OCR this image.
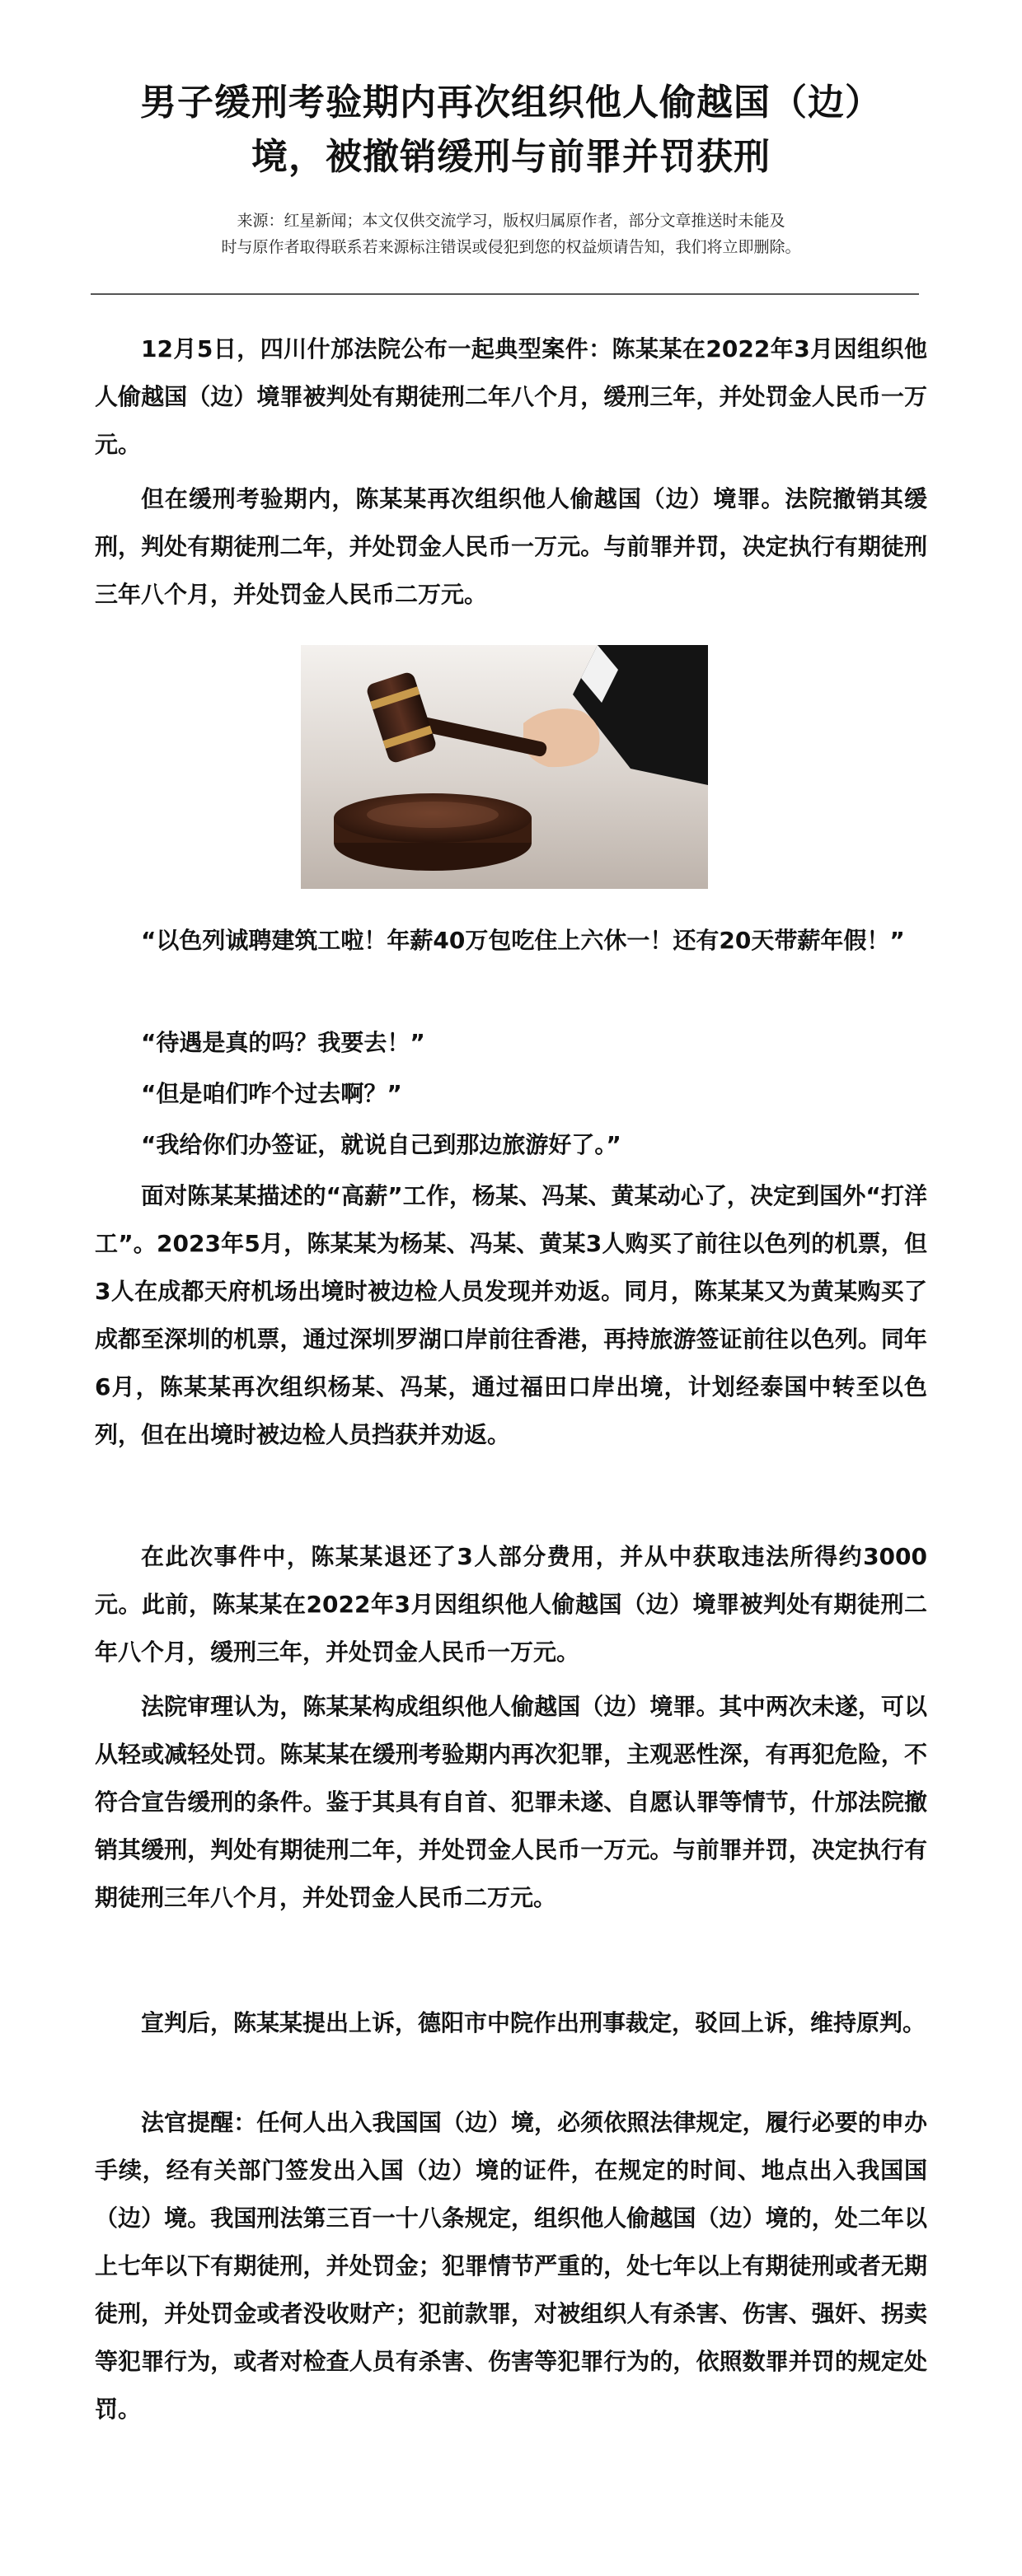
男子缓刑考验期内再次组织他人偷越国（边）
境，被撤销缓刑与前罪并罚获刑
来源：红星新闻；本文仅供交流学习，版权归属原作者，部分文章推送时未能及
时与原作者取得联系若来源标注错误或侵犯到您的权益烦请告知，我们将立即删除。

12月5日，四川什邡法院公布一起典型案件：陈某某在2022年3月因组织他人偷越国（边）境罪被判处有期徒刑二年八个月，缓刑三年，并处罚金人民币一万元。

但在缓刑考验期内，陈某某再次组织他人偷越国（边）境罪。法院撤销其缓刑，判处有期徒刑二年，并处罚金人民币一万元。与前罪并罚，决定执行有期徒刑三年八个月，并处罚金人民币二万元。

“以色列诚聘建筑工啦！年薪40万包吃住上六休一！还有20天带薪年假！”

“待遇是真的吗？我要去！”

“但是咱们咋个过去啊？”

“我给你们办签证，就说自己到那边旅游好了。”

面对陈某某描述的“高薪”工作，杨某、冯某、黄某动心了，决定到国外“打洋工”。2023年5月，陈某某为杨某、冯某、黄某3人购买了前往以色列的机票，但3人在成都天府机场出境时被边检人员发现并劝返。同月，陈某某又为黄某购买了成都至深圳的机票，通过深圳罗湖口岸前往香港，再持旅游签证前往以色列。同年6月，陈某某再次组织杨某、冯某，通过福田口岸出境，计划经泰国中转至以色列，但在出境时被边检人员挡获并劝返。

在此次事件中，陈某某退还了3人部分费用，并从中获取违法所得约3000元。此前，陈某某在2022年3月因组织他人偷越国（边）境罪被判处有期徒刑二年八个月，缓刑三年，并处罚金人民币一万元。

法院审理认为，陈某某构成组织他人偷越国（边）境罪。其中两次未遂，可以从轻或减轻处罚。陈某某在缓刑考验期内再次犯罪，主观恶性深，有再犯危险，不符合宣告缓刑的条件。鉴于其具有自首、犯罪未遂、自愿认罪等情节，什邡法院撤销其缓刑，判处有期徒刑二年，并处罚金人民币一万元。与前罪并罚，决定执行有期徒刑三年八个月，并处罚金人民币二万元。

宣判后，陈某某提出上诉，德阳市中院作出刑事裁定，驳回上诉，维持原判。

法官提醒：任何人出入我国国（边）境，必须依照法律规定，履行必要的申办手续，经有关部门签发出入国（边）境的证件，在规定的时间、地点出入我国国（边）境。我国刑法第三百一十八条规定，组织他人偷越国（边）境的，处二年以上七年以下有期徒刑，并处罚金；犯罪情节严重的，处七年以上有期徒刑或者无期徒刑，并处罚金或者没收财产；犯前款罪，对被组织人有杀害、伤害、强奸、拐卖等犯罪行为，或者对检查人员有杀害、伤害等犯罪行为的，依照数罪并罚的规定处罚。
